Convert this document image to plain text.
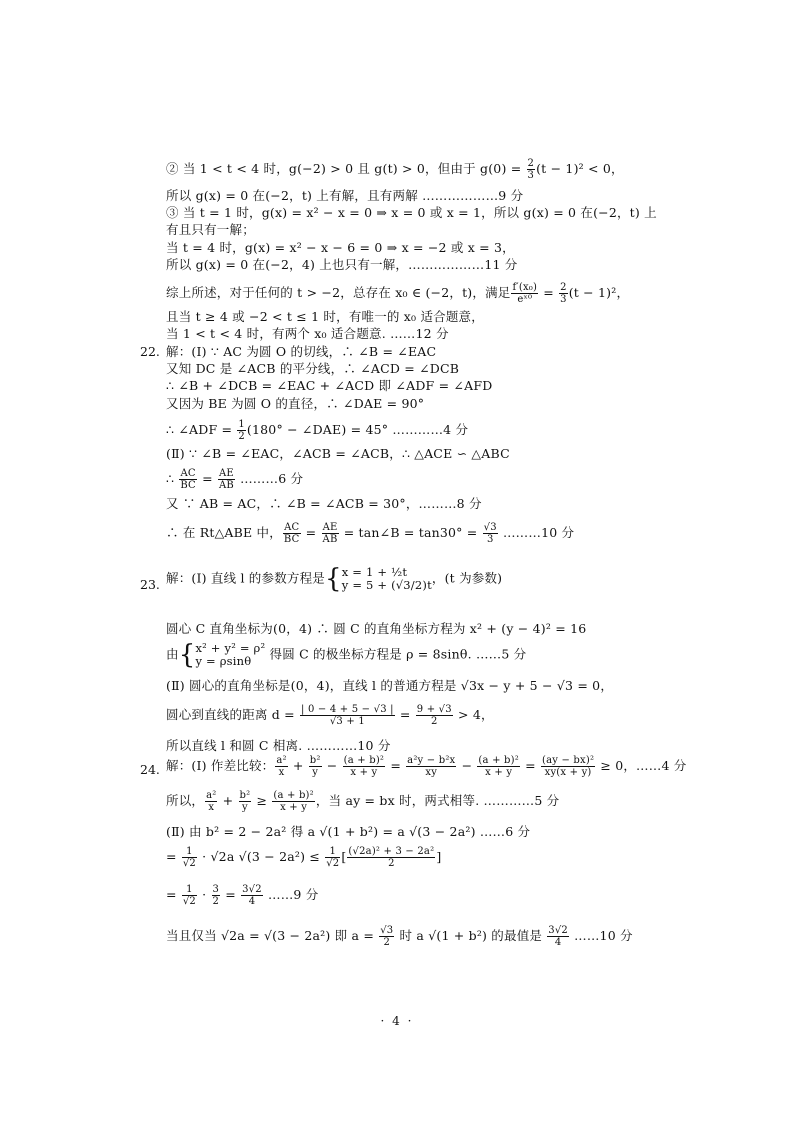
② 当 1 < t < 4 时，g(−2) > 0 且 g(t) > 0，但由于 $g(0) = \frac{2}{3} (t - 1)^2 < 0$，
所以 g(x) = 0 在(−2，t) 上有解，且有两解 ………………9 分
③ 当 t = 1 时，g(x) = x² − x = 0 ⇒ x = 0 或 x = 1，所以 g(x) = 0 在(−2，t) 上
有且只有一解；
当 t = 4 时，g(x) = x² − x − 6 = 0 ⇒ x = −2 或 x = 3，
所以 g(x) = 0 在(−2，4) 上也只有一解，………………11 分
综上所述，对于任何的 t > −2，总存在 x₀ ∈ (−2，t)，满足 $\frac{\text{f′(x₀)}}{\text{eˣ⁰}} = \frac{2}{3} (t - 1)^2$，
且当 t ≥ 4 或 −2 < t ≤ 1 时，有唯一的 x₀ 适合题意，
当 1 < t < 4 时，有两个 x₀ 适合题意. ……12 分
22. 解：(Ⅰ) ∵ AC 为圆 O 的切线，∴ ∠B = ∠EAC
又知 DC 是 ∠ACB 的平分线，∴ ∠ACD = ∠DCB
∴ ∠B + ∠DCB = ∠EAC + ∠ACD 即 ∠ADF = ∠AFD
又因为 BE 为圆 O 的直径，∴ ∠DAE = 90°
∴ ∠ADF = $\frac{1}{2} (180^\circ$ − ∠DAE) = 45° …………4 分
(Ⅱ) ∵ ∠B = ∠EAC，∠ACB = ∠ACB，∴ △ACE ∽ △ABC
∴ $\frac{AC}{BC} = \frac{AE}{AB}$ ………6 分
又 ∵ AB = AC，∴ ∠B = ∠ACB = 30°，………8 分
∴ 在 Rt△ABE 中， $\frac{AC}{BC} = \frac{AE}{AB}$ = tan∠B = $\tan 30^\circ = \frac{√3}{3}$ ………10 分
23. 解：(Ⅰ) 直线 l 的参数方程是{ x = 1 + ½t
y = 5 + (√3/2)t ，(t 为参数)
圆心 C 直角坐标为(0，4) ∴ 圆 C 的直角坐标方程为 x² + (y − 4)² = 16
由{ x² + y² = ρ²
y = ρsinθ	得圆 C 的极坐标方程是 ρ = 8sinθ. ……5 分
(Ⅱ) 圆心的直角坐标是(0，4)，直线 l 的普通方程是 √3x − y + 5 − √3 = 0，
圆心到直线的距离 $d = \frac{| 0 - 4 + 5 - √3 |}{√3 + 1} = \frac{9 + √3}{2} > 4$，
所以直线 l 和圆 C 相离. …………10 分
24. 解：(Ⅰ) 作差比较： $\frac{\text{a²}}{x} + \frac{\text{b²}}{y} - \frac{\text{(a + b)²}}{x + y} = \frac{\text{a²y − b²x}}{xy} - \frac{\text{(a + b)²}}{x + y} = \frac{\text{(ay − bx)²}}{xy(x + y)} \ge 0$，……4 分
所以， $\frac{\text{a²}}{x} + \frac{\text{b²}}{y} \ge \frac{\text{(a + b)²}}{x + y}$ ，当 ay = bx 时，两式相等. …………5 分
(Ⅱ) 由 b² = 2 − 2a² 得 a √(1 + b²) = a √(3 − 2a²) ……6 分
= $\frac{1}{√2} \cdot √2a$ $√(3 - 2a^2) \le \frac{1}{√2}$ [ $\frac{\text{(√2a)² + 3 − 2a²}}{2}$ ]
= $\frac{1}{√2} \cdot \frac{3}{2} = \frac{3√2}{4}$ ……9 分
当且仅当 √2a = √(3 − 2a²) 即 $a = \frac{√3}{2}$ 时 a √(1 + b²) 的最值是 $\frac{3√2}{4}$ ……10 分
· 4 ·
